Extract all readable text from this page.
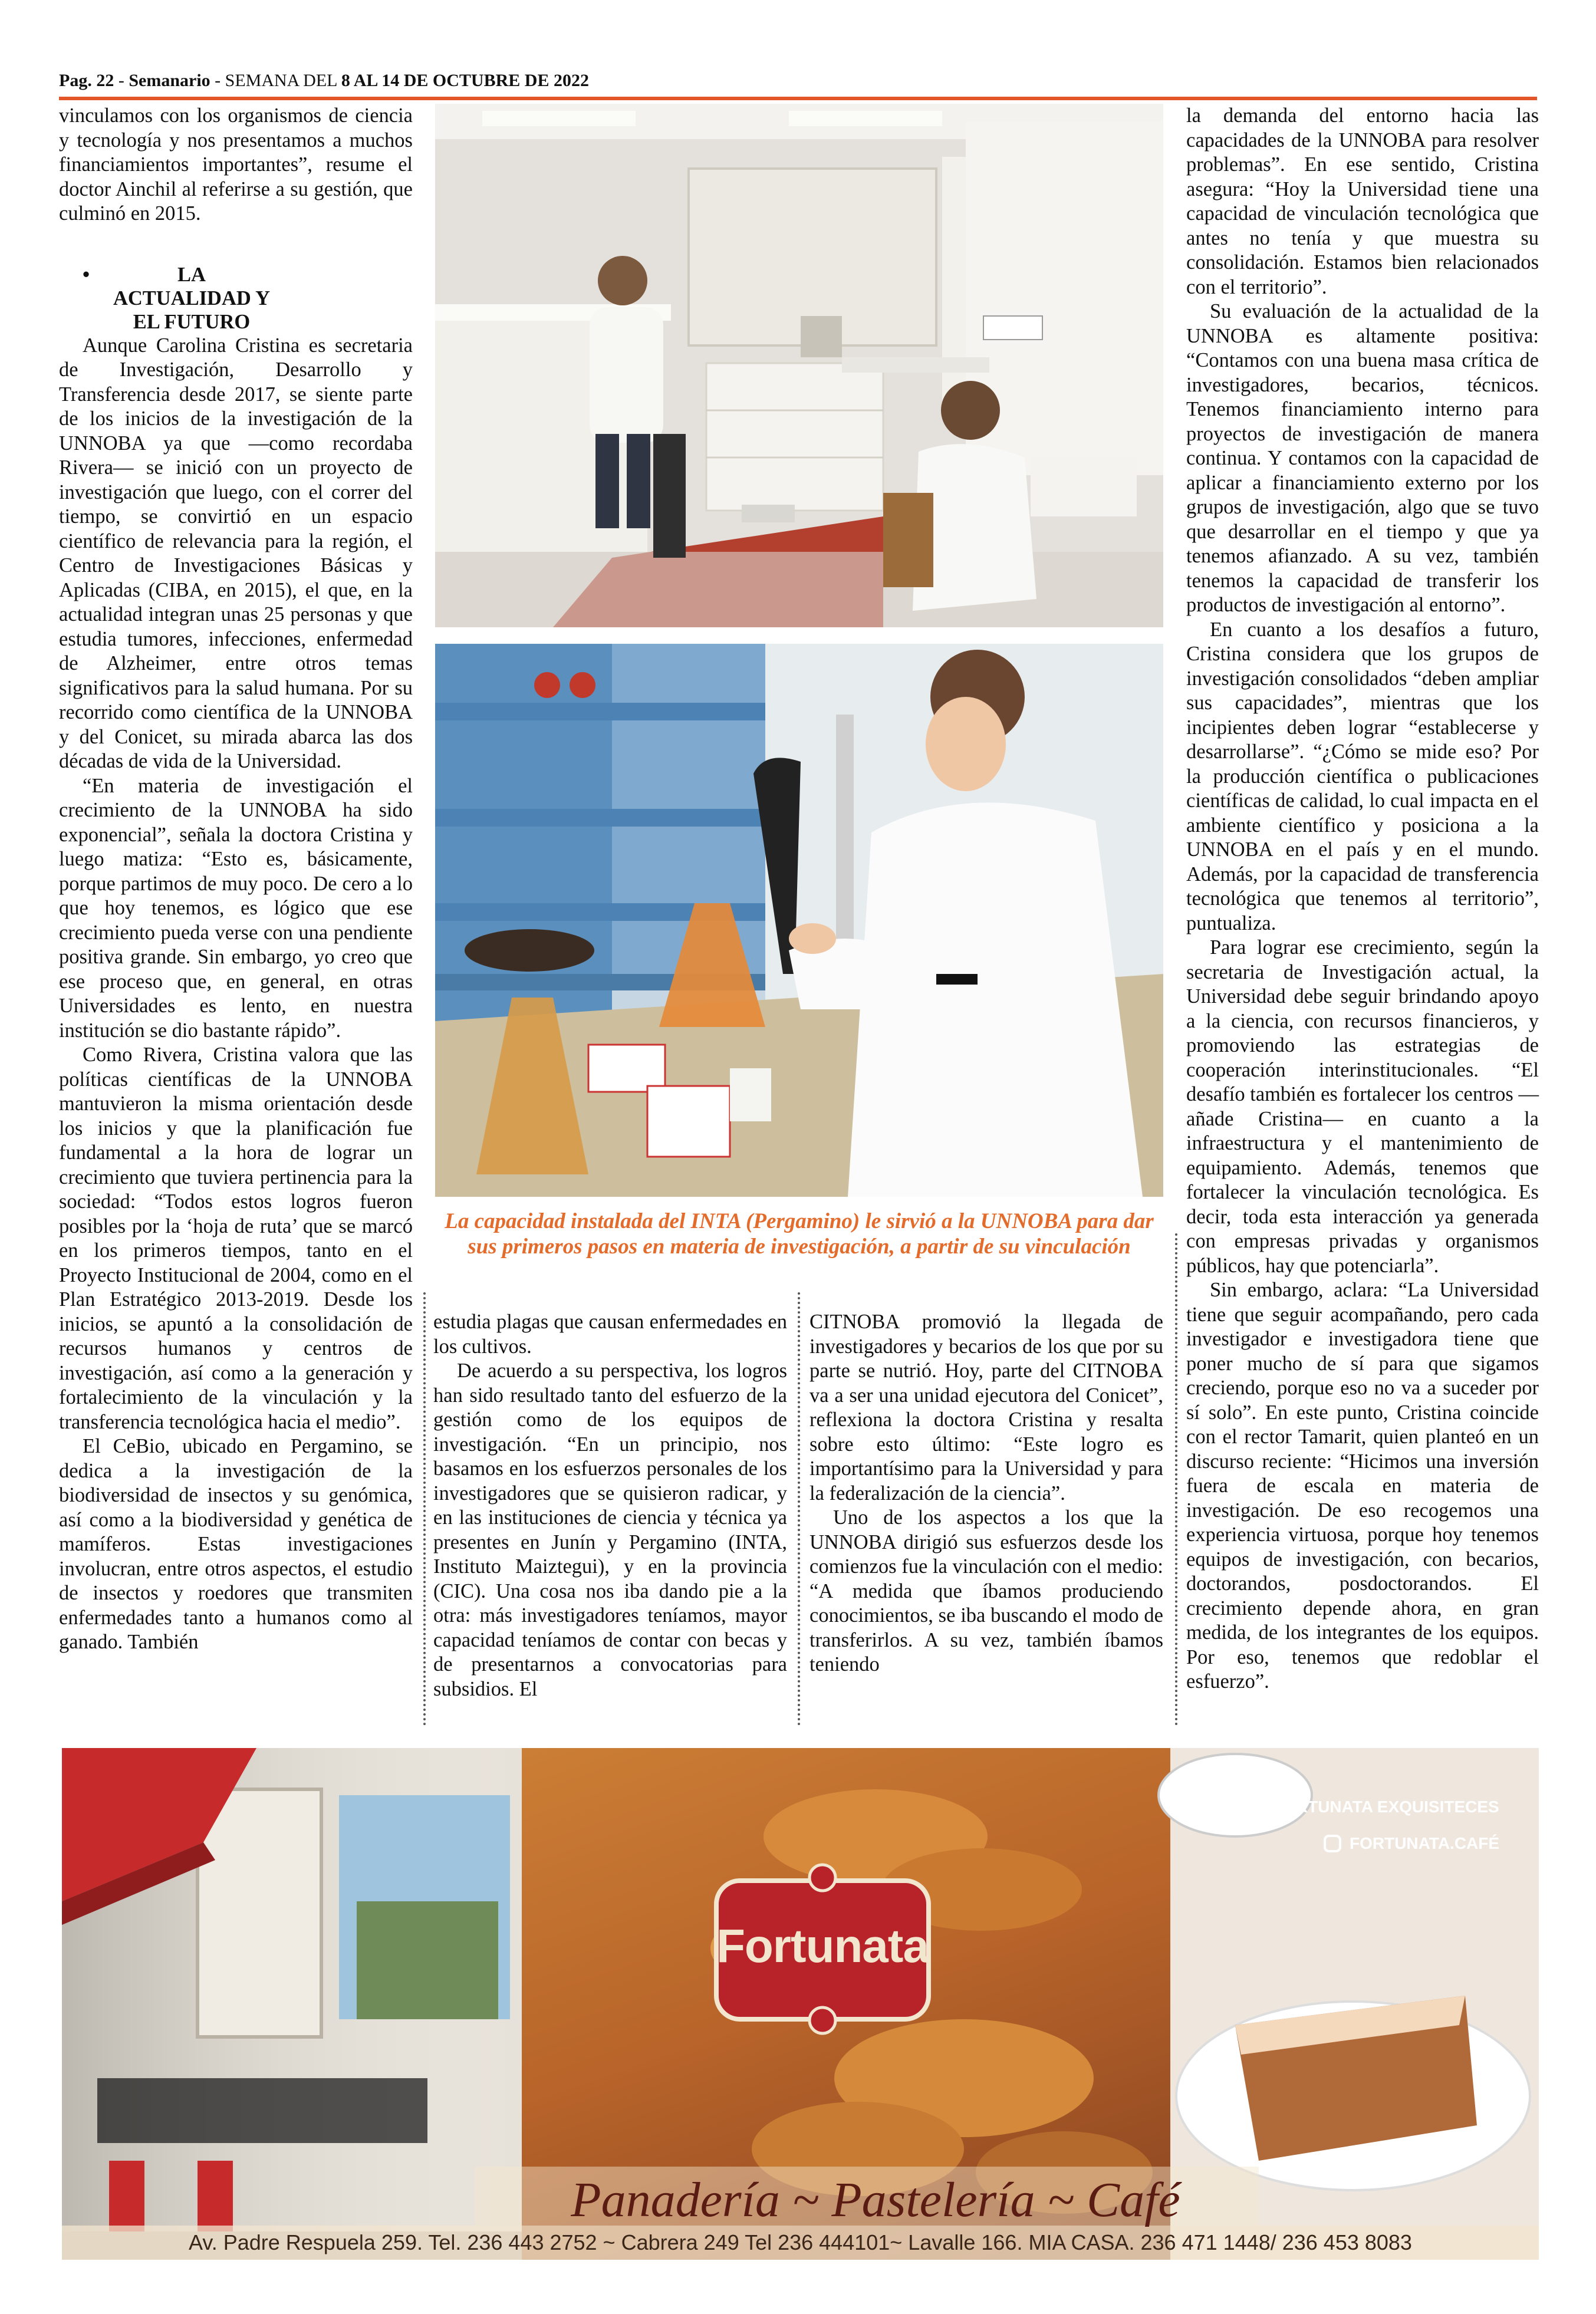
Pag. 22 - Semanario - SEMANA DEL 8 AL 14 DE OCTUBRE DE 2022

vinculamos con los organismos de ciencia y tecnología y nos presentamos a muchos financiamientos importantes”, resume el doctor Ainchil al referirse a su gestión, que culminó en 2015.

•	LA ACTUALIDAD Y EL FUTURO

Aunque Carolina Cristina es secretaria de Investigación, Desarrollo y Transferencia desde 2017, se siente parte de los inicios de la investigación de la UNNOBA ya que —como recordaba Rivera— se inició con un proyecto de investigación que luego, con el correr del tiempo, se convirtió en un espacio científico de relevancia para la región, el Centro de Investigaciones Básicas y Aplicadas (CIBA, en 2015), el que, en la actualidad integran unas 25 personas y que estudia tumores, infecciones, enfermedad de Alzheimer, entre otros temas significativos para la salud humana. Por su recorrido como científica de la UNNOBA y del Conicet, su mirada abarca las dos décadas de vida de la Universidad.

“En materia de investigación el crecimiento de la UNNOBA ha sido exponencial”, señala la doctora Cristina y luego matiza: “Esto es, básicamente, porque partimos de muy poco. De cero a lo que hoy tenemos, es lógico que ese crecimiento pueda verse con una pendiente positiva grande. Sin embargo, yo creo que ese proceso que, en general, en otras Universidades es lento, en nuestra institución se dio bastante rápido”.

Como Rivera, Cristina valora que las políticas científicas de la UNNOBA mantuvieron la misma orientación desde los inicios y que la planificación fue fundamental a la hora de lograr un crecimiento que tuviera pertinencia para la sociedad: “Todos estos logros fueron posibles por la ‘hoja de ruta’ que se marcó en los primeros tiempos, tanto en el Proyecto Institucional de 2004, como en el Plan Estratégico 2013-2019. Desde los inicios, se apuntó a la consolidación de recursos humanos y centros de investigación, así como a la generación y fortalecimiento de la vinculación y la transferencia tecnológica hacia el medio”.

El CeBio, ubicado en Pergamino, se dedica a la investigación de la biodiversidad de insectos y su genómica, así como a la biodiversidad y genética de mamíferos. Estas investigaciones involucran, entre otros aspectos, el estudio de insectos y roedores que transmiten enfermedades tanto a humanos como al ganado. También

La capacidad instalada del INTA (Pergamino) le sirvió a la UNNOBA para dar sus primeros pasos en materia de investigación, a partir de su vinculación

estudia plagas que causan enfermedades en los cultivos.

De acuerdo a su perspectiva, los logros han sido resultado tanto del esfuerzo de la gestión como de los equipos de investigación. “En un principio, nos basamos en los esfuerzos personales de los investigadores que se quisieron radicar, y en las instituciones de ciencia y técnica ya presentes en Junín y Pergamino (INTA, Instituto Maiztegui), y en la provincia (CIC). Una cosa nos iba dando pie a la otra: más investigadores teníamos, mayor capacidad teníamos de contar con becas y de presentarnos a convocatorias para subsidios. El

CITNOBA promovió la llegada de investigadores y becarios de los que por su parte se nutrió. Hoy, parte del CITNOBA va a ser una unidad ejecutora del Conicet”, reflexiona la doctora Cristina y resalta sobre esto último: “Este logro es importantísimo para la Universidad y para la federalización de la ciencia”.

Uno de los aspectos a los que la UNNOBA dirigió sus esfuerzos desde los comienzos fue la vinculación con el medio: “A medida que íbamos produciendo conocimientos, se iba buscando el modo de transferirlos. A su vez, también íbamos teniendo

la demanda del entorno hacia las capacidades de la UNNOBA para resolver problemas”. En ese sentido, Cristina asegura: “Hoy la Universidad tiene una capacidad de vinculación tecnológica que antes no tenía y que muestra su consolidación. Estamos bien relacionados con el territorio”.

Su evaluación de la actualidad de la UNNOBA es altamente positiva: “Contamos con una buena masa crítica de investigadores, becarios, técnicos. Tenemos financiamiento interno para proyectos de investigación de manera continua. Y contamos con la capacidad de aplicar a financiamiento externo por los grupos de investigación, algo que se tuvo que desarrollar en el tiempo y que ya tenemos afianzado. A su vez, también tenemos la capacidad de transferir los productos de investigación al entorno”.

En cuanto a los desafíos a futuro, Cristina considera que los grupos de investigación consolidados “deben ampliar sus capacidades”, mientras que los incipientes deben lograr “establecerse y desarrollarse”. “¿Cómo se mide eso? Por la producción científica o publicaciones científicas de calidad, lo cual impacta en el ambiente científico y posiciona a la UNNOBA en el país y en el mundo. Además, por la capacidad de transferencia tecnológica que tenemos al territorio”, puntualiza.

Para lograr ese crecimiento, según la secretaria de Investigación actual, la Universidad debe seguir brindando apoyo a la ciencia, con recursos financieros, y promoviendo las estrategias de cooperación interinstitucionales. “El desafío también es fortalecer los centros —añade Cristina— en cuanto a la infraestructura y el mantenimiento de equipamiento. Además, tenemos que fortalecer la vinculación tecnológica. Es decir, toda esta interacción ya generada con empresas privadas y organismos públicos, hay que potenciarla”.

Sin embargo, aclara: “La Universidad tiene que seguir acompañando, pero cada investigador e investigadora tiene que poner mucho de sí para que sigamos creciendo, porque eso no va a suceder por sí solo”. En este punto, Cristina coincide con el rector Tamarit, quien planteó en un discurso reciente: “Hicimos una inversión fuera de escala en materia de investigación. De eso recogemos una experiencia virtuosa, porque hoy tenemos equipos de investigación, con becarios, doctorandos, posdoctorandos. El crecimiento depende ahora, en gran medida, de los integrantes de los equipos. Por eso, tenemos que redoblar el esfuerzo”.

Fortunata
Panadería ~ Pastelería ~ Café
FORTUNATA EXQUISITECES
FORTUNATA.CAFÉ
Av. Padre Respuela 259. Tel. 236 443 2752 ~ Cabrera 249 Tel 236 444101~ Lavalle 166. MIA CASA. 236 471 1448/ 236 453 8083
